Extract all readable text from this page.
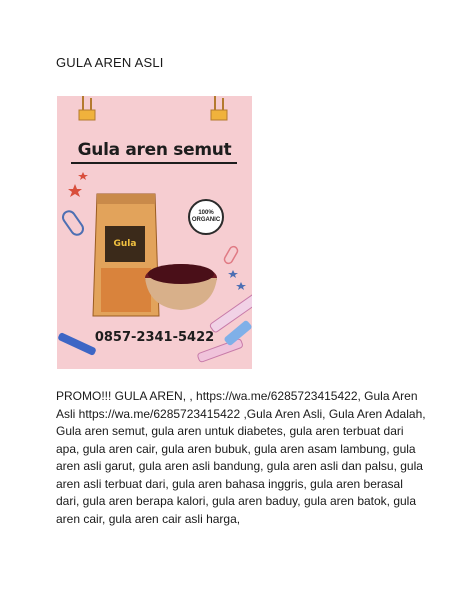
GULA AREN ASLI
Gula
Gula aren semut
100%
ORGANIC
0857-2341-5422
PROMO!!! GULA AREN, , https://wa.me/6285723415422, Gula Aren Asli https://wa.me/6285723415422 ,Gula Aren Asli, Gula Aren Adalah, Gula aren semut, gula aren untuk diabetes, gula aren terbuat dari apa, gula aren cair, gula aren bubuk, gula aren asam lambung, gula aren asli garut, gula aren asli bandung, gula aren asli dan palsu, gula aren asli terbuat dari, gula aren bahasa inggris, gula aren berasal dari, gula aren berapa kalori, gula aren baduy, gula aren batok, gula aren cair, gula aren cair asli harga,
